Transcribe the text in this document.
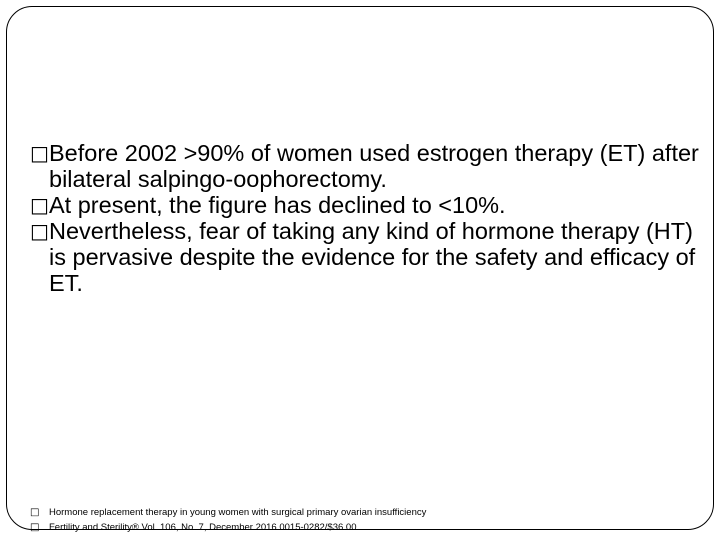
□ Before 2002 >90% of women used estrogen therapy (ET) after bilateral salpingo-oophorectomy.
□ At present, the figure has declined to <10%.
□ Nevertheless, fear of taking any kind of hormone therapy (HT) is pervasive despite the evidence for the safety and efficacy of ET.
□ Hormone replacement therapy in young women with surgical primary ovarian insufficiency
□ Fertility and Sterility® Vol. 106, No. 7, December 2016 0015-0282/$36.00
